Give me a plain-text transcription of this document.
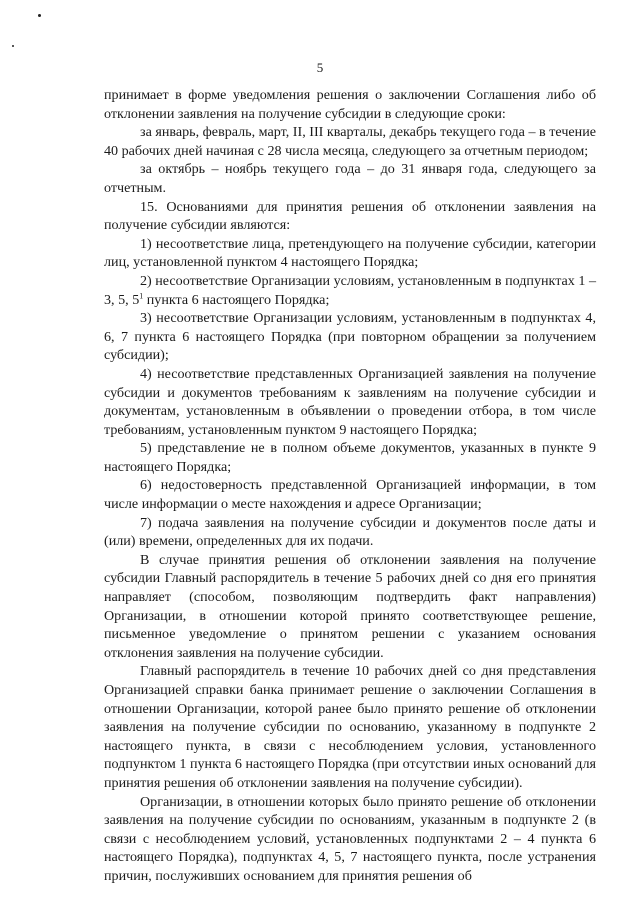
5

принимает в форме уведомления решения о заключении Соглашения либо об отклонении заявления на получение субсидии в следующие сроки:

за январь, февраль, март, II, III кварталы, декабрь текущего года – в течение 40 рабочих дней начиная с 28 числа месяца, следующего за отчетным периодом;

за октябрь – ноябрь текущего года – до 31 января года, следующего за отчетным.

15. Основаниями для принятия решения об отклонении заявления на получение субсидии являются:

1) несоответствие лица, претендующего на получение субсидии, категории лиц, установленной пунктом 4 настоящего Порядка;

2) несоответствие Организации условиям, установленным в подпунктах 1 – 3, 5, $5^1$ пункта 6 настоящего Порядка;

3) несоответствие Организации условиям, установленным в подпунктах 4, 6, 7 пункта 6 настоящего Порядка (при повторном обращении за получением субсидии);

4) несоответствие представленных Организацией заявления на получение субсидии и документов требованиям к заявлениям на получение субсидии и документам, установленным в объявлении о проведении отбора, в том числе требованиям, установленным пунктом 9 настоящего Порядка;

5) представление не в полном объеме документов, указанных в пункте 9 настоящего Порядка;

6) недостоверность представленной Организацией информации, в том числе информации о месте нахождения и адресе Организации;

7) подача заявления на получение субсидии и документов после даты и (или) времени, определенных для их подачи.

В случае принятия решения об отклонении заявления на получение субсидии Главный распорядитель в течение 5 рабочих дней со дня его принятия направляет (способом, позволяющим подтвердить факт направления) Организации, в отношении которой принято соответствующее решение, письменное уведомление о принятом решении с указанием основания отклонения заявления на получение субсидии.

Главный распорядитель в течение 10 рабочих дней со дня представления Организацией справки банка принимает решение о заключении Соглашения в отношении Организации, которой ранее было принято решение об отклонении заявления на получение субсидии по основанию, указанному в подпункте 2 настоящего пункта, в связи с несоблюдением условия, установленного подпунктом 1 пункта 6 настоящего Порядка (при отсутствии иных оснований для принятия решения об отклонении заявления на получение субсидии).

Организации, в отношении которых было принято решение об отклонении заявления на получение субсидии по основаниям, указанным в подпункте 2 (в связи с несоблюдением условий, установленных подпунктами 2 – 4 пункта 6 настоящего Порядка), подпунктах 4, 5, 7 настоящего пункта, после устранения причин, послуживших основанием для принятия решения об
